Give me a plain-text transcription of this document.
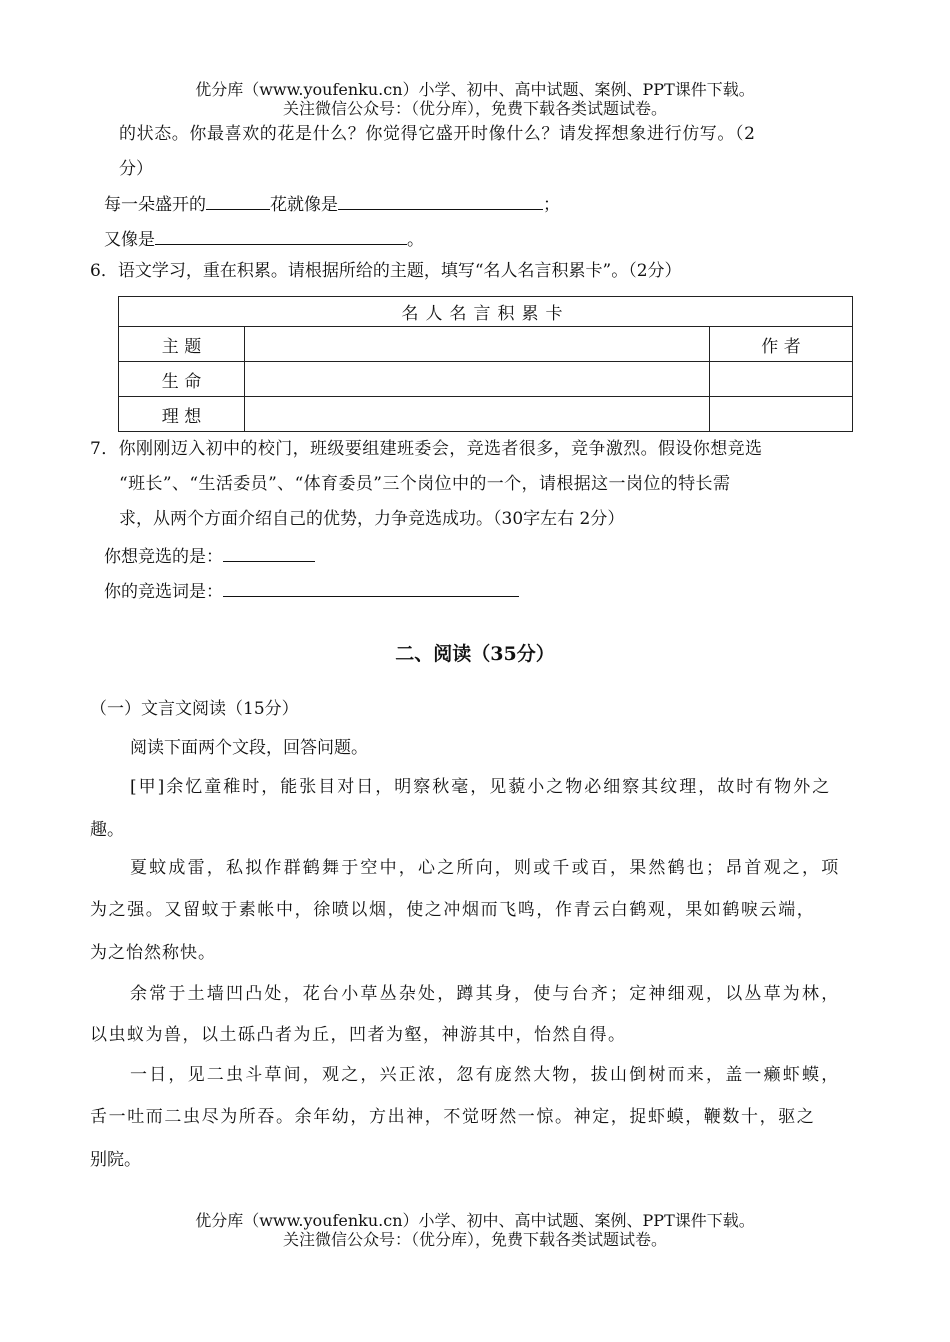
优分库（www.youfenku.cn）小学、初中、高中试题、案例、PPT课件下载。
关注微信公众号：（优分库），免费下载各类试题试卷。
的状态。你最喜欢的花是什么？你觉得它盛开时像什么？请发挥想象进行仿写。（2
分）
每一朵盛开的	花就像是	；
又像是	。
6．语文学习，重在积累。请根据所给的主题，填写“名人名言积累卡”。（2分）
名人名言积累卡		
主 题		作 者
生 命		
理 想		
7．你刚刚迈入初中的校门，班级要组建班委会，竞选者很多，竞争激烈。假设你想竞选
“班长”、“生活委员”、“体育委员”三个岗位中的一个，请根据这一岗位的特长需
求，从两个方面介绍自己的优势，力争竞选成功。（30字左右 2分）
你想竞选的是：
你的竞选词是：
二、阅读（35分）
（一）文言文阅读（15分）
阅读下面两个文段，回答问题。
[甲]余忆童稚时，能张目对日，明察秋毫，见藐小之物必细察其纹理，故时有物外之
趣。
夏蚊成雷，私拟作群鹤舞于空中，心之所向，则或千或百，果然鹤也；昂首观之，项
为之强。又留蚊于素帐中，徐喷以烟，使之冲烟而飞鸣，作青云白鹤观，果如鹤唳云端，
为之怡然称快。
余常于土墙凹凸处，花台小草丛杂处，蹲其身，使与台齐；定神细观，以丛草为林，
以虫蚁为兽，以土砾凸者为丘，凹者为壑，神游其中，怡然自得。
一日，见二虫斗草间，观之，兴正浓，忽有庞然大物，拔山倒树而来，盖一癞虾蟆，
舌一吐而二虫尽为所吞。余年幼，方出神，不觉呀然一惊。神定，捉虾蟆，鞭数十，驱之
别院。
优分库（www.youfenku.cn）小学、初中、高中试题、案例、PPT课件下载。
关注微信公众号：（优分库），免费下载各类试题试卷。
